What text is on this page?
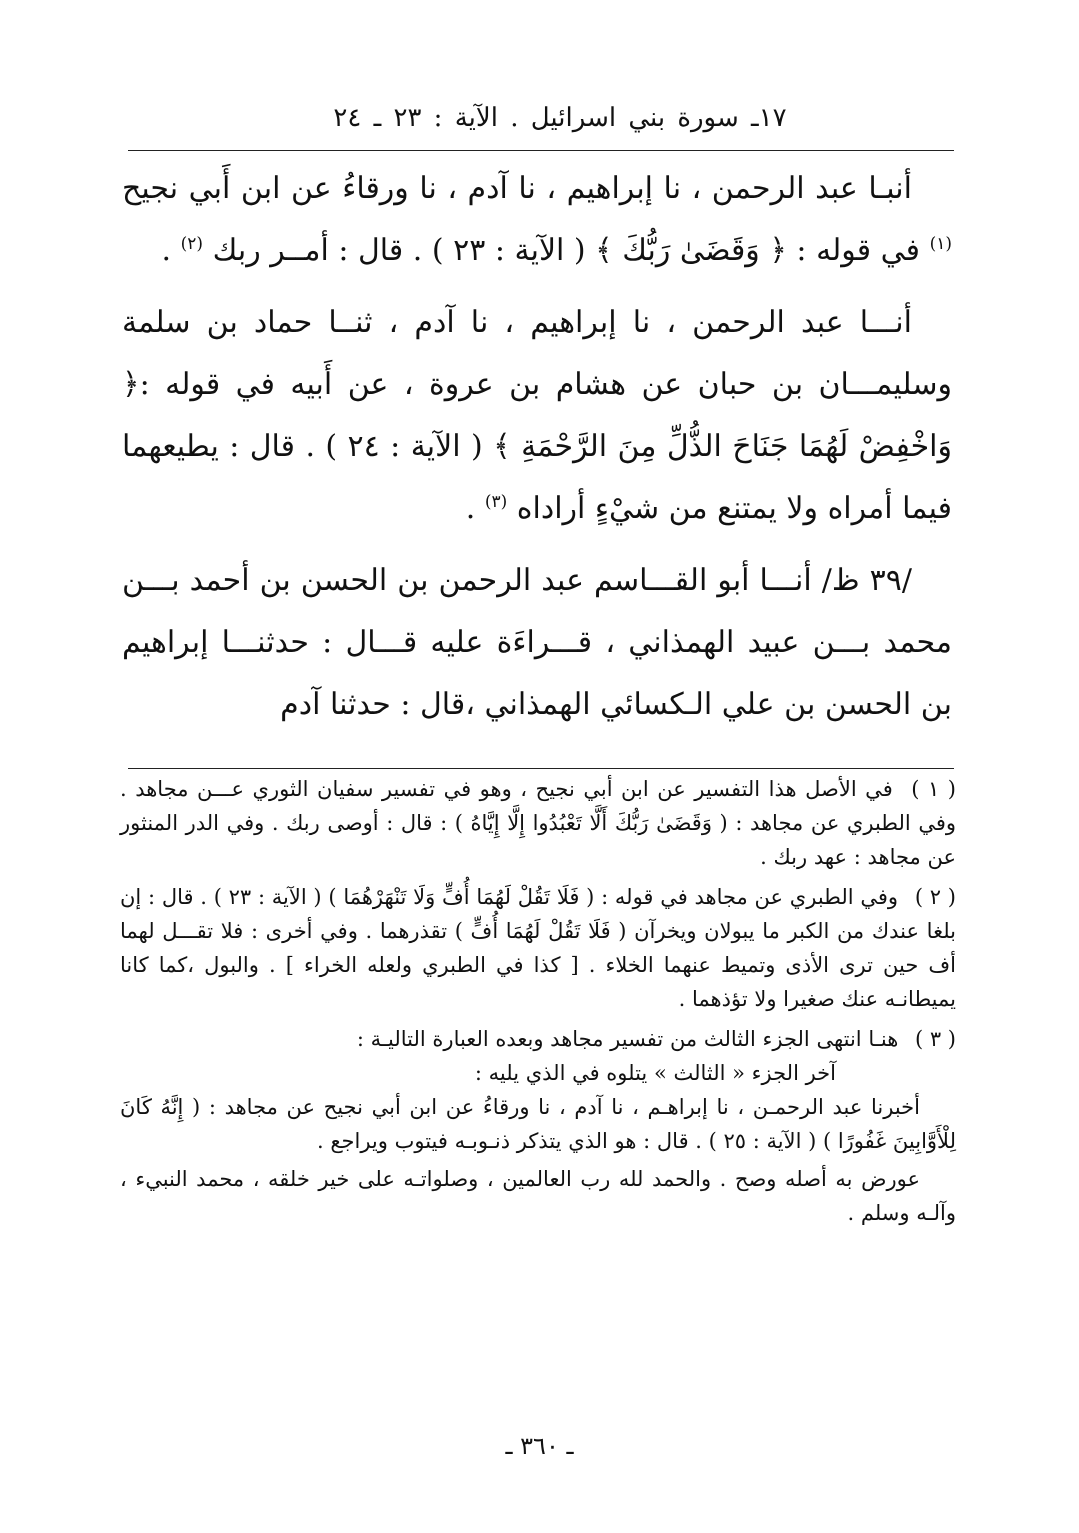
١٧ـ سورة بني اسرائيل . الآية : ٢٣ ـ ٢٤

أنبـا عبد الرحمن ، نا إبراهيم ، نا آدم ، نا ورقاءُ عن ابن أَبي نجيح $^{(١)}$ في قوله : ﴿ وَقَضَىٰ رَبُّكَ ﴾ ( الآية : ٢٣ ) . قال : أمــر ربك $^{(٢)}$ .

أنـــا عبد الرحمن ، نا إبراهيم ، نا آدم ، ثنــا حماد بن سلمة وسليمـــان بن حبان عن هشام بن عروة ، عن أَبيه في قوله :﴿ وَاخْفِضْ لَهُمَا جَنَاحَ الذُّلِّ مِنَ الرَّحْمَةِ ﴾ ( الآية : ٢٤ ) . قال : يطيعهما فيما أمراه ولا يمتنع من شيْءٍ أراداه $^{(٣)}$ .

/٣٩ ظ/ أنـــا أبو القـــاسم عبد الرحمن بن الحسن بن أحمد بـــن محمد بـــن عبيد الهمذاني ، قـــراءَة عليه قـــال : حدثنـــا إبراهيم بن الحسن بن علي الـكسائي الهمذاني ،قال : حدثنا آدم

( ١ ) في الأصل هذا التفسير عن ابن أبي نجيح ، وهو في تفسير سفيان الثوري عـــن مجاهد . وفي الطبري عن مجاهد : ( وَقَضَىٰ رَبُّكَ أَلَّا تَعْبُدُوا إِلَّا إِيَّاهُ ) : قال : أوصى ربك . وفي الدر المنثور عن مجاهد : عهد ربك .
( ٢ ) وفي الطبري عن مجاهد في قوله : ( فَلَا تَقُلْ لَهُمَا أُفٍّ وَلَا تَنْهَرْهُمَا ) ( الآية : ٢٣ ) . قال : إن بلغا عندك من الكبر ما يبولان ويخرآن ( فَلَا تَقُلْ لَهُمَا أُفٍّ ) تقذرهما . وفي أخرى : فلا تقـــل لهما أف حين ترى الأذى وتميط عنهما الخلاء . [ كذا في الطبري ولعله الخراء ] . والبول ،كما كانا يميطانـه عنك صغيرا ولا تؤذهما .

( ٣ ) هنـا انتهى الجزء الثالث من تفسير مجاهد وبعده العبارة التاليـة :

آخر الجزء « الثالث » يتلوه في الذي يليه :

أخبرنا عبد الرحمـن ، نا إبراهـم ، نا آدم ، نا ورقاءُ عن ابن أبي نجيح عن مجاهد : ( إِنَّهُ كَانَ لِلْأَوَّابِينَ غَفُورًا ) ( الآية : ٢٥ ) . قال : هو الذي يتذكر ذنـوبـه فيتوب ويراجع .

عورض به أصله وصح . والحمد لله رب العالمين ، وصلواتـه على خير خلقه ، محمد النبيء ، وآلـه وسلم .

ـ ٣٦٠ ـ
